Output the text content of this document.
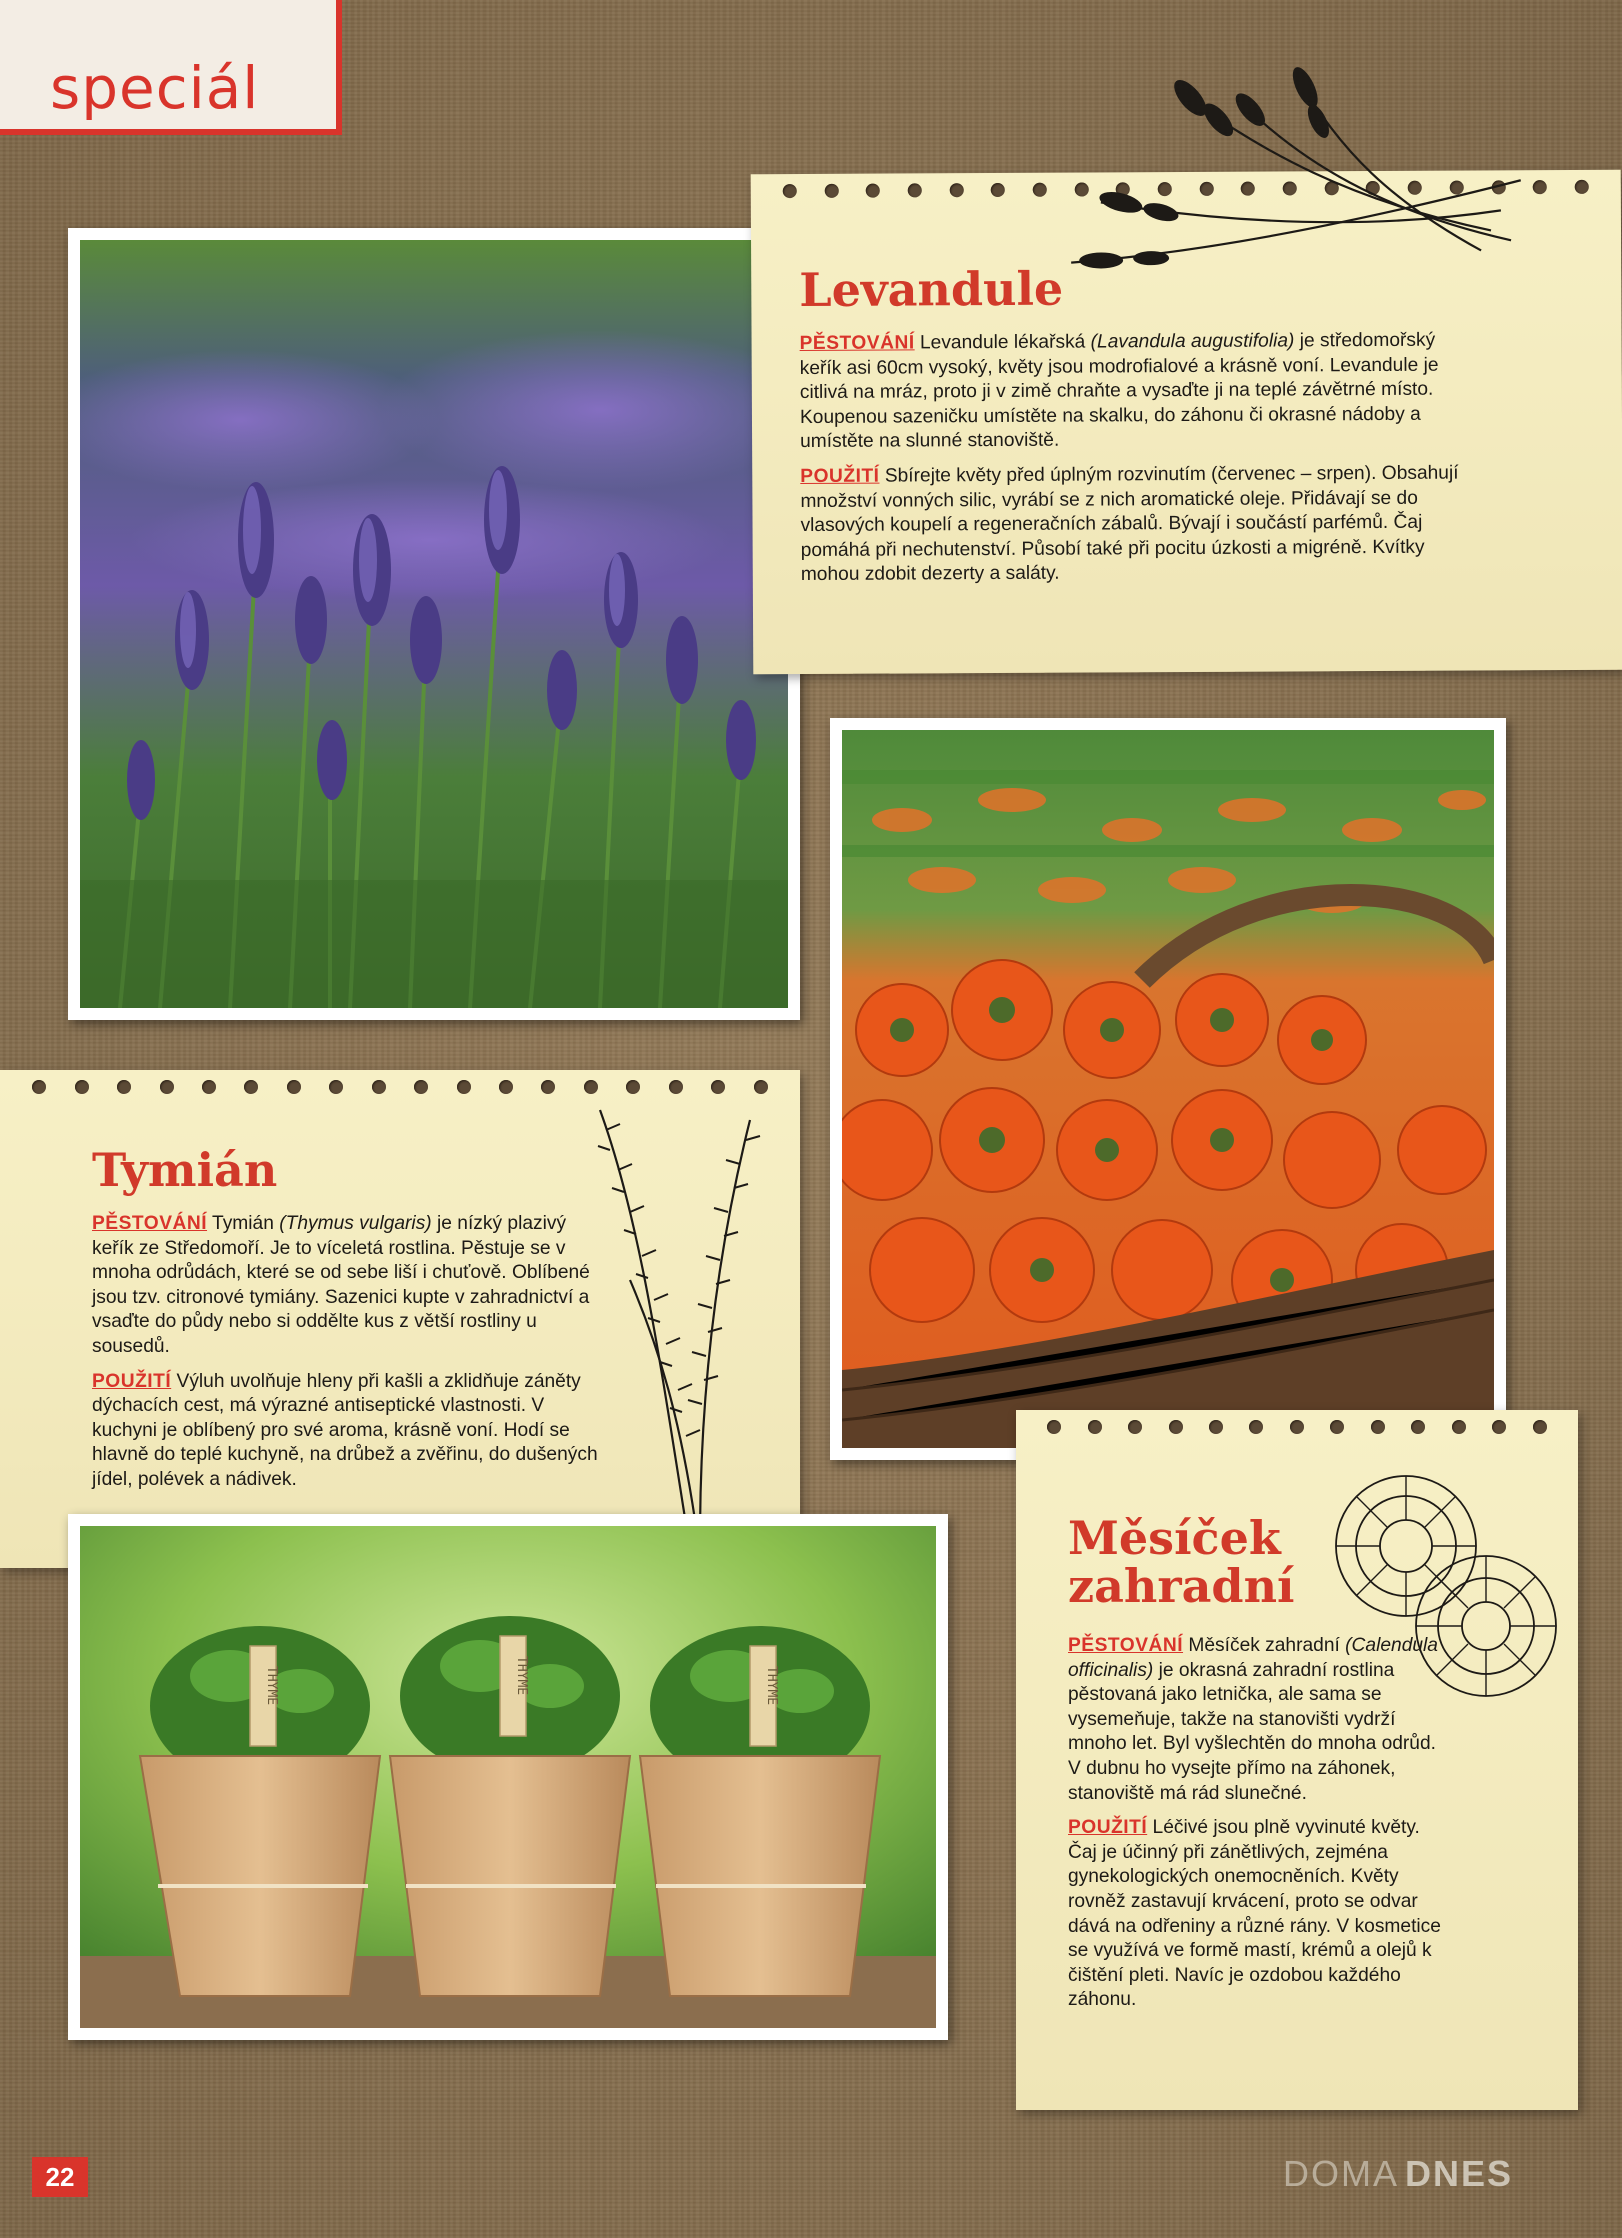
speciál
Levandule

PĚSTOVÁNÍ Levandule lékařská (Lavandula augustifolia) je středomořský keřík asi 60cm vysoký, květy jsou modrofialové a krásně voní. Levandule je citlivá na mráz, proto ji v zimě chraňte a vysaďte ji na teplé závětrné místo. Koupenou sazeničku umístěte na skalku, do záhonu či okrasné nádoby a umístěte na slunné stanoviště.

POUŽITÍ Sbírejte květy před úplným rozvinutím (červenec – srpen). Obsahují množství vonných silic, vyrábí se z nich aromatické oleje. Přidávají se do vlasových koupelí a regeneračních zábalů. Bývají i součástí parfémů. Čaj pomáhá při nechutenství. Působí také při pocitu úzkosti a migréně. Kvítky mohou zdobit dezerty a saláty.

Tymián

PĚSTOVÁNÍ Tymián (Thymus vulgaris) je nízký plazivý keřík ze Středomoří. Je to víceletá rostlina. Pěstuje se v mnoha odrůdách, které se od sebe liší i chuťově. Oblíbené jsou tzv. citronové tymiány. Sazenici kupte v zahradnictví a vsaďte do půdy nebo si oddělte kus z větší rostliny u sousedů.

POUŽITÍ Výluh uvolňuje hleny při kašli a zklidňuje záněty dýchacích cest, má výrazné antiseptické vlastnosti. V kuchyni je oblíbený pro své aroma, krásně voní. Hodí se hlavně do teplé kuchyně, na drůbež a zvěřinu, do dušených jídel, polévek a nádivek.

THYME	THYME	THYME
Měsíček
zahradní

PĚSTOVÁNÍ Měsíček zahradní (Calendula officinalis) je okrasná zahradní rostlina pěstovaná jako letnička, ale sama se vysemeňuje, takže na stanovišti vydrží mnoho let. Byl vyšlechtěn do mnoha odrůd. V dubnu ho vysejte přímo na záhonek, stanoviště má rád slunečné.

POUŽITÍ Léčivé jsou plně vyvinuté květy. Čaj je účinný při zánětlivých, zejména gynekologických onemocněních. Květy rovněž zastavují krvácení, proto se odvar dává na odřeniny a různé rány. V kosmetice se využívá ve formě mastí, krémů a olejů k čištění pleti. Navíc je ozdobou každého záhonu.

22	DOMA DNES
